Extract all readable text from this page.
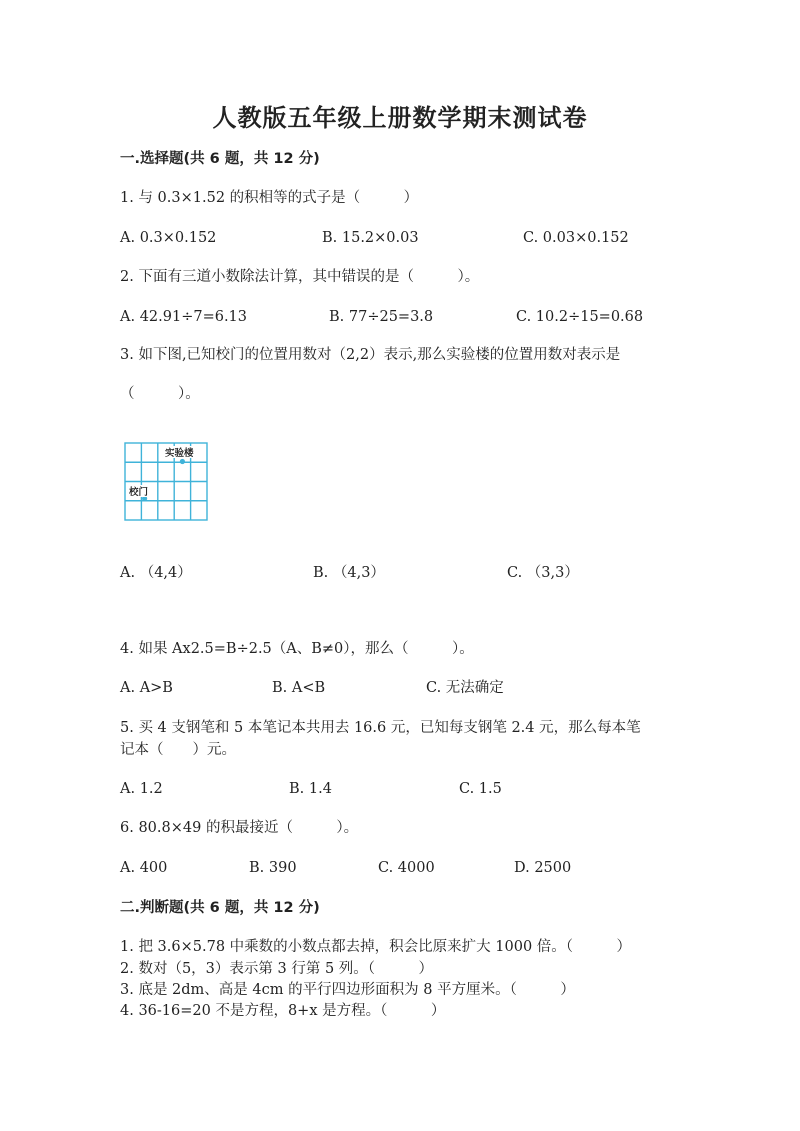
人教版五年级上册数学期末测试卷
一.选择题(共 6 题，共 12 分)
1. 与 0.3×1.52 的积相等的式子是（　　　）
A. 0.3×0.152	B. 15.2×0.03	C. 0.03×0.152
2. 下面有三道小数除法计算，其中错误的是（　　　）。
A. 42.91÷7=6.13	B. 77÷25=3.8	C. 10.2÷15=0.68
3. 如下图,已知校门的位置用数对（2,2）表示,那么实验楼的位置用数对表示是
（　　　）。
实验楼
校门
A. （4,4）	B. （4,3）	C. （3,3）
4. 如果 Ax2.5=B÷2.5（A、B≠0），那么（　　　）。
A. A>B	B. A<B	C. 无法确定
5. 买 4 支钢笔和 5 本笔记本共用去 16.6 元，已知每支钢笔 2.4 元，那么每本笔
记本（　　）元。
A. 1.2	B. 1.4	C. 1.5
6. 80.8×49 的积最接近（　　　）。
A. 400	B. 390	C. 4000	D. 2500
二.判断题(共 6 题，共 12 分)
1. 把 3.6×5.78 中乘数的小数点都去掉，积会比原来扩大 1000 倍。（　　　）
2. 数对（5，3）表示第 3 行第 5 列。（　　　）
3. 底是 2dm、高是 4cm 的平行四边形面积为 8 平方厘米。（　　　）
4. 36-16=20 不是方程，8+x 是方程。（　　　）
